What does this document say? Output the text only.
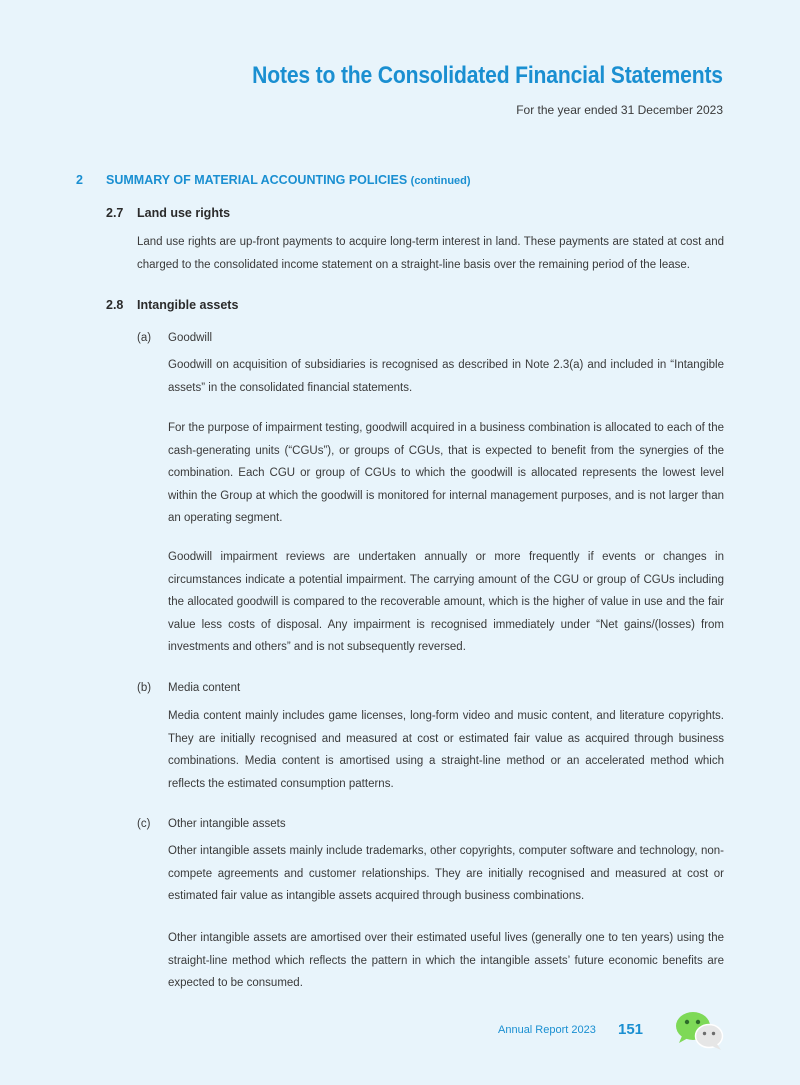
Notes to the Consolidated Financial Statements
For the year ended 31 December 2023
2 SUMMARY OF MATERIAL ACCOUNTING POLICIES (continued)
2.7 Land use rights

Land use rights are up-front payments to acquire long-term interest in land. These payments are stated at cost and charged to the consolidated income statement on a straight-line basis over the remaining period of the lease.

2.8 Intangible assets
(a) Goodwill

Goodwill on acquisition of subsidiaries is recognised as described in Note 2.3(a) and included in “Intangible assets” in the consolidated financial statements.

For the purpose of impairment testing, goodwill acquired in a business combination is allocated to each of the cash-generating units (“CGUs”), or groups of CGUs, that is expected to benefit from the synergies of the combination. Each CGU or group of CGUs to which the goodwill is allocated represents the lowest level within the Group at which the goodwill is monitored for internal management purposes, and is not larger than an operating segment.

Goodwill impairment reviews are undertaken annually or more frequently if events or changes in circumstances indicate a potential impairment. The carrying amount of the CGU or group of CGUs including the allocated goodwill is compared to the recoverable amount, which is the higher of value in use and the fair value less costs of disposal. Any impairment is recognised immediately under “Net gains/(losses) from investments and others” and is not subsequently reversed.

(b) Media content

Media content mainly includes game licenses, long-form video and music content, and literature copyrights. They are initially recognised and measured at cost or estimated fair value as acquired through business combinations. Media content is amortised using a straight-line method or an accelerated method which reflects the estimated consumption patterns.

(c) Other intangible assets

Other intangible assets mainly include trademarks, other copyrights, computer software and technology, non-compete agreements and customer relationships. They are initially recognised and measured at cost or estimated fair value as intangible assets acquired through business combinations.

Other intangible assets are amortised over their estimated useful lives (generally one to ten years) using the straight-line method which reflects the pattern in which the intangible assets’ future economic benefits are expected to be consumed.

Annual Report 2023 151
